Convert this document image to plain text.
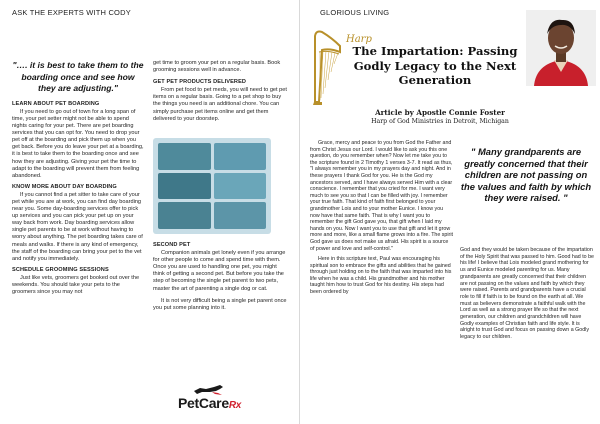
ASK THE EXPERTS WITH CODY
"…. it is best to take them to the boarding once and see how they are adjusting."
LEARN ABOUT PET BOARDING

If you need to go out of town for a long span of time, your pet setter might not be able to spend nights caring for your pet. There are pet boarding services that you can opt for. You need to drop your pet off at the boarding and pick them up when you get back. Before you do leave your pet at a boarding, it is best to take them to the boarding once and see how they are adjusting. Giving your pet the time to adapt to the boarding will prevent them from feeling abandoned.

KNOW MORE ABOUT DAY BOARDING

If you cannot find a pet sitter to take care of your pet while you are at work, you can find day boarding near you. Some day-boarding services offer to pick up services and you can pick your pet up on your way back from work. Day boarding services allow single pet parents to be at work without having to worry about anything. The pet boarding takes care of meals and walks. If there is any kind of emergency, the staff of the boarding can bring your pet to the vet and notify you immediately.

SCHEDULE GROOMING SESSIONS

Just like vets, groomers get booked out over the weekends. You should take your pets to the groomers since you may not

get time to groom your pet on a regular basis. Book grooming sessions well in advance.

GET PET PRODUCTS DELIVERED

From pet food to pet meds, you will need to get pet items on a regular basis. Going to a pet shop to buy the things you need is an additional chore. You can simply purchase pet items online and get them delivered to your doorstep.

SECOND PET

Companion animals get lonely even if you arrange for other people to come and spend time with them. Once you are used to handling one pet, you might think of getting a second pet. But before you take the step of becoming the single pet parent to two pets, master the art of parenting a single dog or cat.

It is not very difficult being a single pet parent once you put some planning into it.

PetCareRx
GLORIOUS LIVING
Harp
The Impartation: Passing Godly Legacy to the Next Generation
Article by Apostle Connie Foster
Harp of God Ministries in Detroit, Michigan

Grace, mercy and peace to you from God the Father and from Christ Jesus our Lord. I would like to ask you this one question, do you remember when? Now let me take you to the scripture found in 2 Timothy 1 verses 3-7. It read as thus, "I always remember you in my prayers day and night. And in these prayers I thank God for you. He is the God my ancestors served, and I have always served Him with a clear conscience. I remember that you cried for me. I want very much to see you so that I can be filled with joy. I remember your true faith. That kind of faith first belonged to your grandmother Lois and to your mother Eunice. I know you now have that same faith. That is why I want you to remember the gift God gave you, that gift when I laid my hands on you. Now I want you to use that gift and let it grow more and more, like a small flame grows into a fire. The spirit God gave us does not make us afraid. His spirit is a source of power and love and self-control."

Here in this scripture text, Paul was encouraging his spiritual son to embrace the gifts and abilities that he gained through just holding on to the faith that was imparted into his life when he was a child. His grandmother and his mother taught him how to trust God for his destiny. His steps had been ordered by

" Many grandparents are greatly concerned that their children are not passing on the values and faith by which they were raised. "

God and they would be taken because of the impartation of the Holy Spirit that was passed to him. Good had to be his life! I believe that Lois modeled grand mothering for us and Eunice modeled parenting for us. Many grandparents are greatly concerned that their children are not passing on the values and faith by which they were raised. Parents and grandparents have a crucial role to fill if faith is to be found on the earth at all. We must as believers demonstrate a faithful walk with the Lord as well as a strong prayer life so that the next generation, our children and grandchildren will have Godly examples of Christian faith and life style. It is alright to trust God and focus on passing down a Godly legacy to our children.
